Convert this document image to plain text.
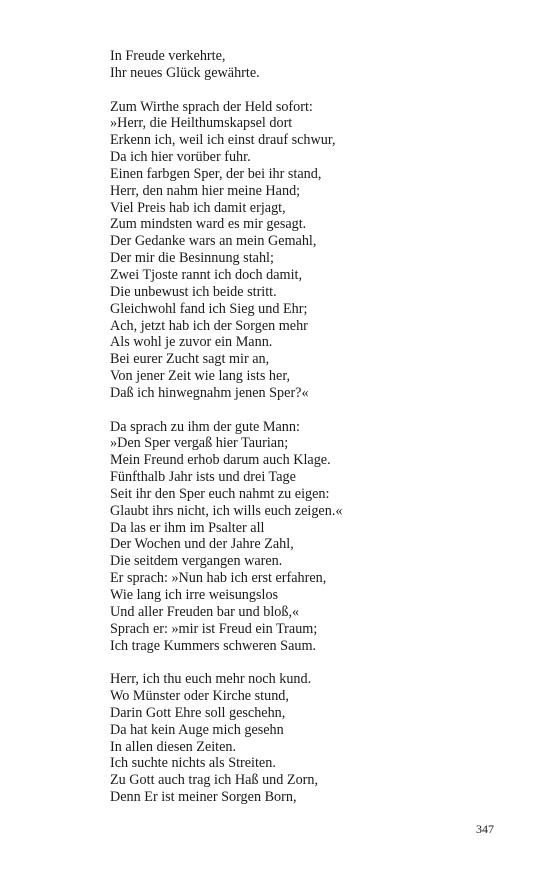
In Freude verkehrte,
Ihr neues Glück gewährte.
Zum Wirthe sprach der Held sofort:
»Herr, die Heilthumskapsel dort
Erkenn ich, weil ich einst drauf schwur,
Da ich hier vorüber fuhr.
Einen farbgen Sper, der bei ihr stand,
Herr, den nahm hier meine Hand;
Viel Preis hab ich damit erjagt,
Zum mindsten ward es mir gesagt.
Der Gedanke wars an mein Gemahl,
Der mir die Besinnung stahl;
Zwei Tjoste rannt ich doch damit,
Die unbewust ich beide stritt.
Gleichwohl fand ich Sieg und Ehr;
Ach, jetzt hab ich der Sorgen mehr
Als wohl je zuvor ein Mann.
Bei eurer Zucht sagt mir an,
Von jener Zeit wie lang ists her,
Daß ich hinwegnahm jenen Sper?«
Da sprach zu ihm der gute Mann:
»Den Sper vergaß hier Taurian;
Mein Freund erhob darum auch Klage.
Fünfthalb Jahr ists und drei Tage
Seit ihr den Sper euch nahmt zu eigen:
Glaubt ihrs nicht, ich wills euch zeigen.«
Da las er ihm im Psalter all
Der Wochen und der Jahre Zahl,
Die seitdem vergangen waren.
Er sprach: »Nun hab ich erst erfahren,
Wie lang ich irre weisungslos
Und aller Freuden bar und bloß,«
Sprach er: »mir ist Freud ein Traum;
Ich trage Kummers schweren Saum.
Herr, ich thu euch mehr noch kund.
Wo Münster oder Kirche stund,
Darin Gott Ehre soll geschehn,
Da hat kein Auge mich gesehn
In allen diesen Zeiten.
Ich suchte nichts als Streiten.
Zu Gott auch trag ich Haß und Zorn,
Denn Er ist meiner Sorgen Born,
347
